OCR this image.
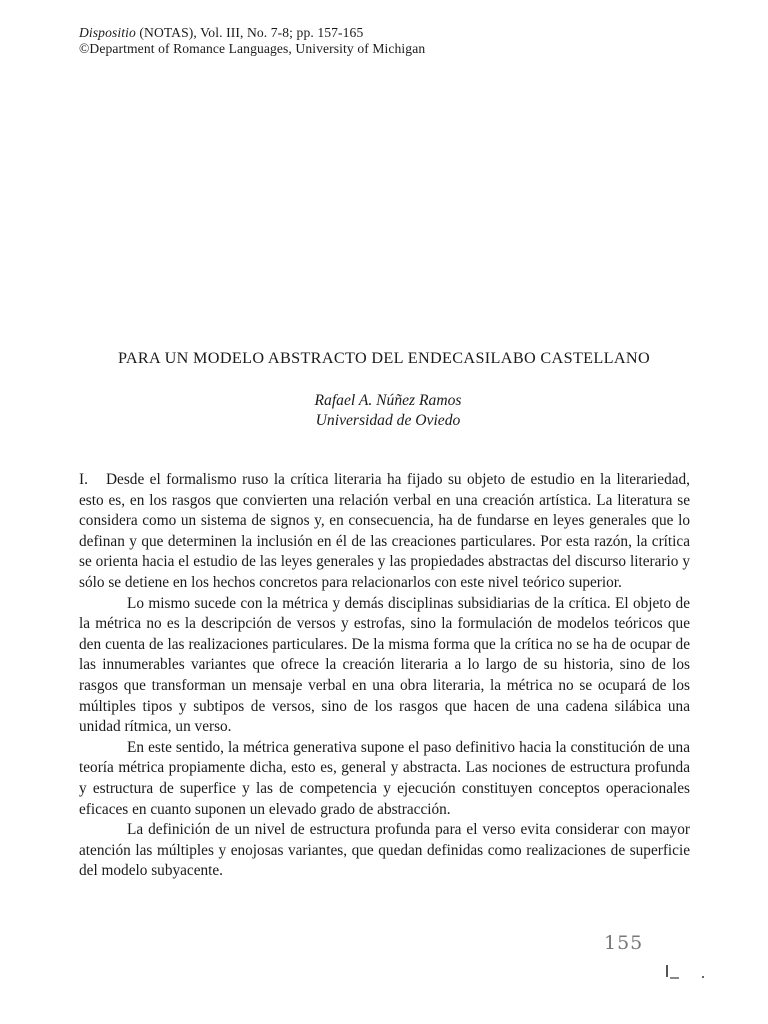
Dispositio (NOTAS), Vol. III, No. 7-8; pp. 157-165
©Department of Romance Languages, University of Michigan
PARA UN MODELO ABSTRACTO DEL ENDECASILABO CASTELLANO
Rafael A. Núñez Ramos
Universidad de Oviedo
I. Desde el formalismo ruso la crítica literaria ha fijado su objeto de estudio en la literariedad, esto es, en los rasgos que convierten una relación verbal en una creación artística. La literatura se considera como un sistema de signos y, en consecuencia, ha de fundarse en leyes generales que lo definan y que determinen la inclusión en él de las creaciones particulares. Por esta razón, la crítica se orienta hacia el estudio de las leyes generales y las propiedades abstractas del discurso literario y sólo se detiene en los hechos concretos para relacionarlos con este nivel teórico superior.
Lo mismo sucede con la métrica y demás disciplinas subsidiarias de la crítica. El objeto de la métrica no es la descripción de versos y estrofas, sino la formulación de modelos teóricos que den cuenta de las realizaciones particulares. De la misma forma que la crítica no se ha de ocupar de las innumerables variantes que ofrece la creación literaria a lo largo de su historia, sino de los rasgos que transforman un mensaje verbal en una obra literaria, la métrica no se ocupará de los múltiples tipos y subtipos de versos, sino de los rasgos que hacen de una cadena silábica una unidad rítmica, un verso.
En este sentido, la métrica generativa supone el paso definitivo hacia la constitución de una teoría métrica propiamente dicha, esto es, general y abstracta. Las nociones de estructura profunda y estructura de superfice y las de competencia y ejecución constituyen conceptos operacionales eficaces en cuanto suponen un elevado grado de abstracción.
La definición de un nivel de estructura profunda para el verso evita considerar con mayor atención las múltiples y enojosas variantes, que quedan definidas como realizaciones de superficie del modelo subyacente.
155
